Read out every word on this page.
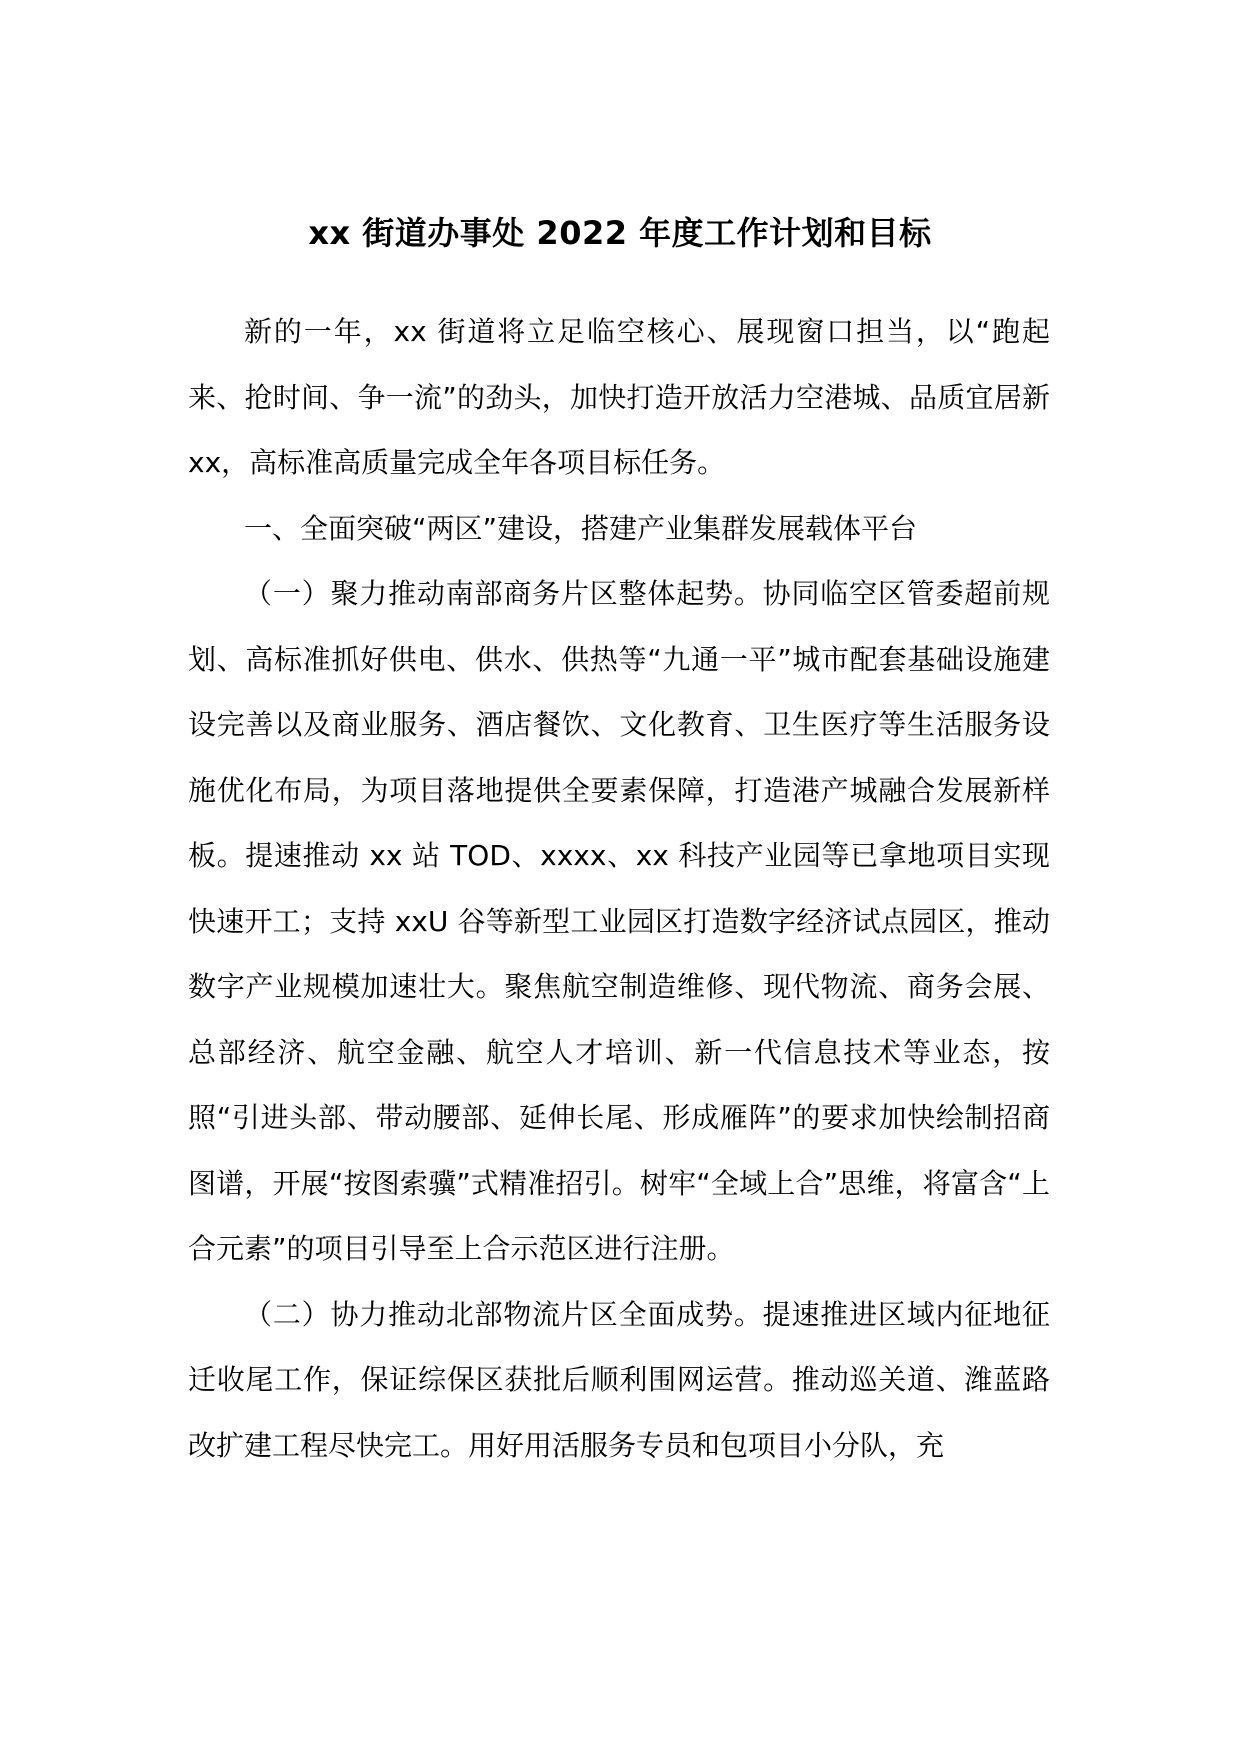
xx 街道办事处 2022 年度工作计划和目标

新的一年，xx 街道将立足临空核心、展现窗口担当，以“跑起来、抢时间、争一流”的劲头，加快打造开放活力空港城、品质宜居新 xx，高标准高质量完成全年各项目标任务。

一、全面突破“两区”建设，搭建产业集群发展载体平台

（一）聚力推动南部商务片区整体起势。协同临空区管委超前规划、高标准抓好供电、供水、供热等“九通一平”城市配套基础设施建设完善以及商业服务、酒店餐饮、文化教育、卫生医疗等生活服务设施优化布局，为项目落地提供全要素保障，打造港产城融合发展新样板。提速推动 xx 站 TOD、xxxx、xx 科技产业园等已拿地项目实现快速开工；支持 xxU 谷等新型工业园区打造数字经济试点园区，推动数字产业规模加速壮大。聚焦航空制造维修、现代物流、商务会展、总部经济、航空金融、航空人才培训、新一代信息技术等业态，按照“引进头部、带动腰部、延伸长尾、形成雁阵”的要求加快绘制招商图谱，开展“按图索骥”式精准招引。树牢“全域上合”思维，将富含“上合元素”的项目引导至上合示范区进行注册。

（二）协力推动北部物流片区全面成势。提速推进区域内征地征迁收尾工作，保证综保区获批后顺利围网运营。推动巡关道、潍蓝路改扩建工程尽快完工。用好用活服务专员和包项目小分队，充
